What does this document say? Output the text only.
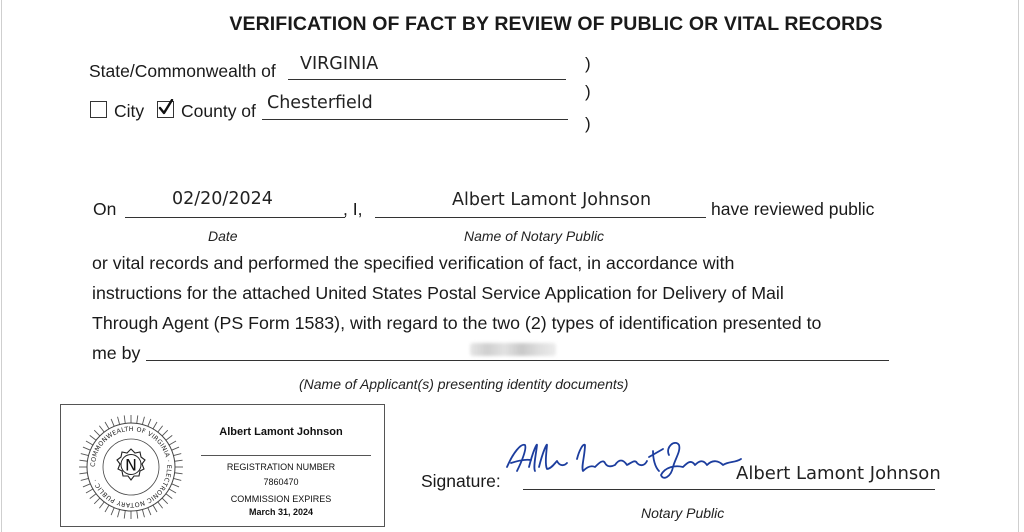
VERIFICATION OF FACT BY REVIEW OF PUBLIC OR VITAL RECORDS
State/Commonwealth of VIRGINIA	)
)
)
City County of Chesterfield
On	02/20/2024	, I,	Albert Lamont Johnson	have reviewed public
Date	Name of Notary Public
or vital records and performed the specified verification of fact, in accordance with
instructions for the attached United States Postal Service Application for Delivery of Mail
Through Agent (PS Form 1583), with regard to the two (2) types of identification presented to
me by
(Name of Applicant(s) presenting identity documents)
COMMONWEALTH OF VIRGINIA · ELECTRONIC NOTARY PUBLIC ·
N
Albert Lamont Johnson
REGISTRATION NUMBER
7860470
COMMISSION EXPIRES
March 31, 2024
Signature:	Albert Lamont Johnson
Notary Public
